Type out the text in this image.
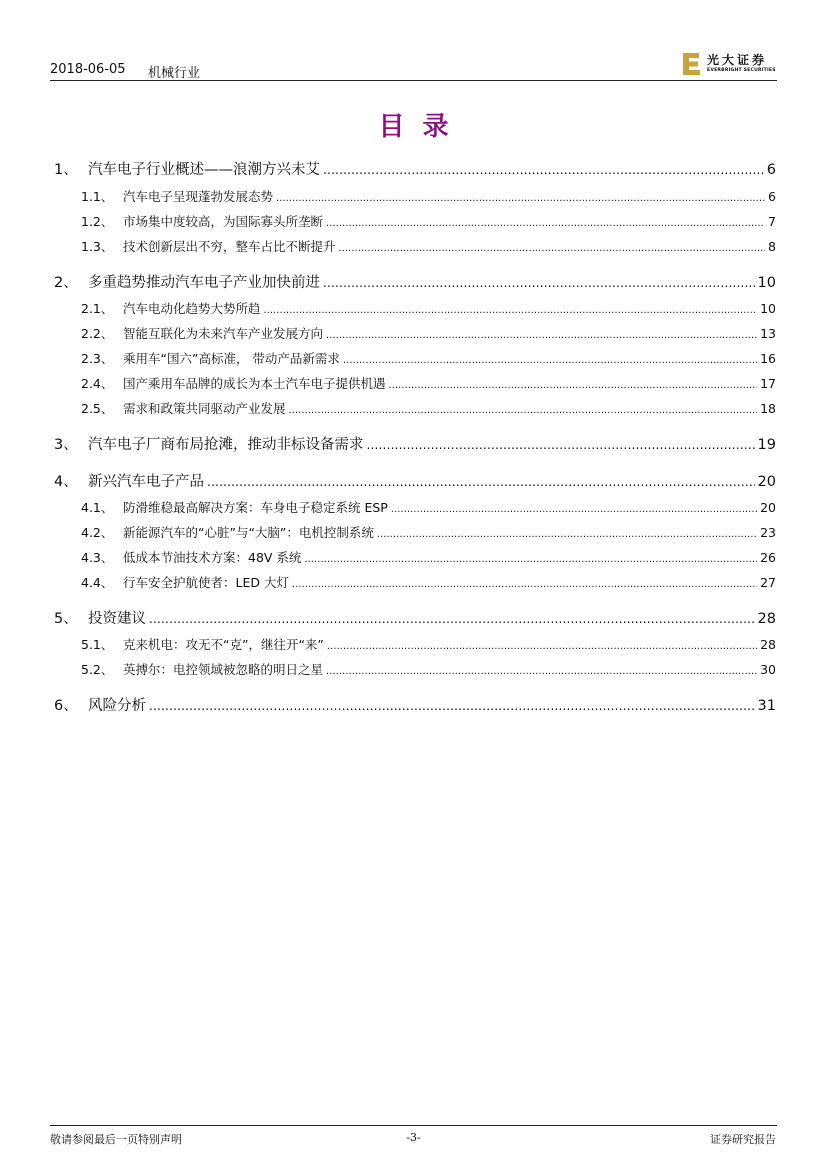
2018-06-05 机械行业
光大证券
EVERBRIGHT SECURITIES
目录
1、 汽车电子行业概述——浪潮方兴未艾 .....	6
1.1、 汽车电子呈现蓬勃发展态势 .....	6
1.2、 市场集中度较高，为国际寡头所垄断 .....	7
1.3、 技术创新层出不穷，整车占比不断提升 .....	8
2、 多重趋势推动汽车电子产业加快前进 .....	10
2.1、 汽车电动化趋势大势所趋 .....	10
2.2、 智能互联化为未来汽车产业发展方向 .....	13
2.3、 乘用车“国六”高标准， 带动产品新需求 .....	16
2.4、 国产乘用车品牌的成长为本土汽车电子提供机遇 .....	17
2.5、 需求和政策共同驱动产业发展 .....	18
3、 汽车电子厂商布局抢滩，推动非标设备需求 .....	19
4、 新兴汽车电子产品 .....	20
4.1、 防滑维稳最高解决方案：车身电子稳定系统 ESP .....	20
4.2、 新能源汽车的“心脏”与“大脑”：电机控制系统 .....	23
4.3、 低成本节油技术方案：48V 系统 .....	26
4.4、 行车安全护航使者：LED 大灯 .....	27
5、 投资建议 .....	28
5.1、 克来机电：攻无不“克”，继往开“来” .....	28
5.2、 英搏尔：电控领域被忽略的明日之星 .....	30
6、 风险分析 .....	31
敬请参阅最后一页特别声明	-3-	证券研究报告
